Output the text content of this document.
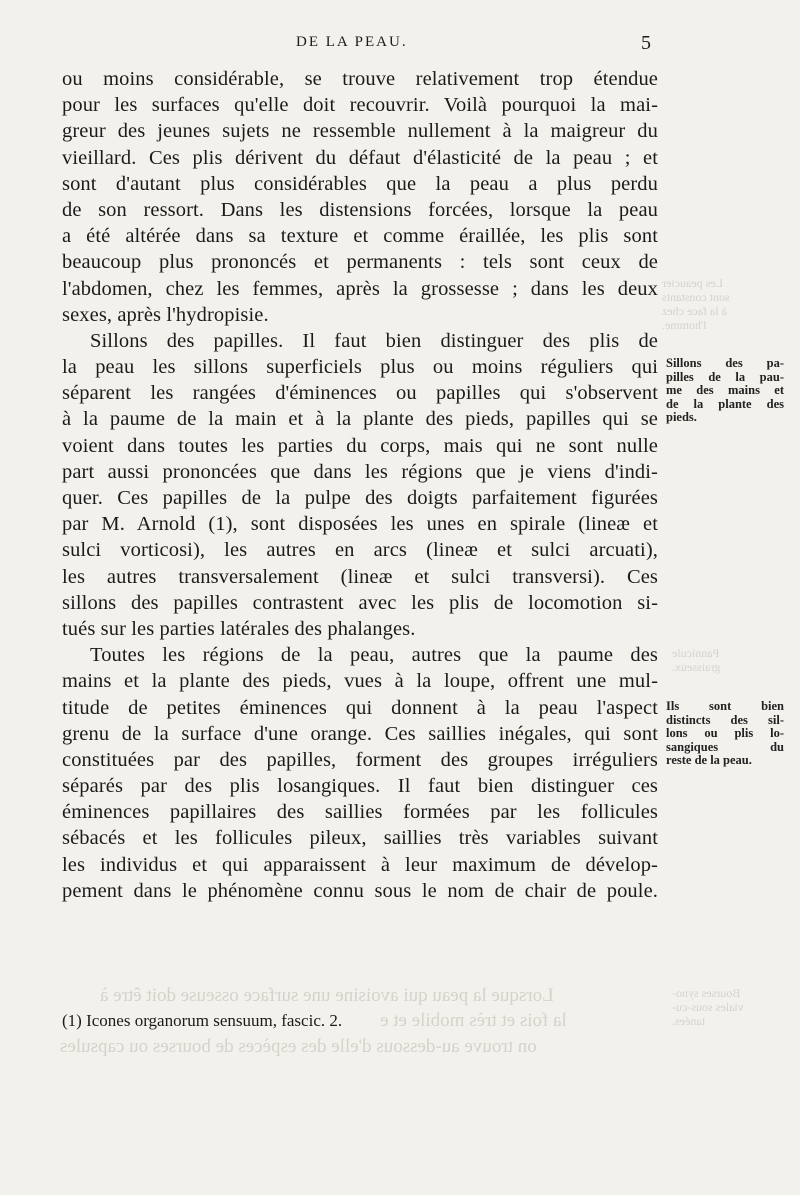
Les peaucier
sont constants
à la face chez
l'homme.
Pannicule
graisseux.
Bourses syno-
viales sous-cu-
tanées.
Lorsque la peau qui avoisine une surface osseuse doit être à
la fois et très mobile et e
on trouve au-dessous d'elle des espèces de bourses ou capsules
DE LA PEAU.	5
ou moins considérable, se trouve relativement trop étendue
pour les surfaces qu'elle doit recouvrir. Voilà pourquoi la mai-
greur des jeunes sujets ne ressemble nullement à la maigreur du
vieillard. Ces plis dérivent du défaut d'élasticité de la peau ; et
sont d'autant plus considérables que la peau a plus perdu
de son ressort. Dans les distensions forcées, lorsque la peau
a été altérée dans sa texture et comme éraillée, les plis sont
beaucoup plus prononcés et permanents : tels sont ceux de
l'abdomen, chez les femmes, après la grossesse ; dans les deux
sexes, après l'hydropisie.
Sillons des papilles. Il faut bien distinguer des plis de
la peau les sillons superficiels plus ou moins réguliers qui
séparent les rangées d'éminences ou papilles qui s'observent
à la paume de la main et à la plante des pieds, papilles qui se
voient dans toutes les parties du corps, mais qui ne sont nulle
part aussi prononcées que dans les régions que je viens d'indi-
quer. Ces papilles de la pulpe des doigts parfaitement figurées
par M. Arnold (1), sont disposées les unes en spirale (lineæ et
sulci vorticosi), les autres en arcs (lineæ et sulci arcuati),
les autres transversalement (lineæ et sulci transversi). Ces
sillons des papilles contrastent avec les plis de locomotion si-
tués sur les parties latérales des phalanges.
Toutes les régions de la peau, autres que la paume des
mains et la plante des pieds, vues à la loupe, offrent une mul-
titude de petites éminences qui donnent à la peau l'aspect
grenu de la surface d'une orange. Ces saillies inégales, qui sont
constituées par des papilles, forment des groupes irréguliers
séparés par des plis losangiques. Il faut bien distinguer ces
éminences papillaires des saillies formées par les follicules
sébacés et les follicules pileux, saillies très variables suivant
les individus et qui apparaissent à leur maximum de dévelop-
pement dans le phénomène connu sous le nom de chair de poule.
Sillons des pa-
pilles de la pau-
me des mains et
de la plante des
pieds.
Ils sont bien
distincts des sil-
lons ou plis lo-
sangiques du
reste de la peau.
(1) Icones organorum sensuum, fascic. 2.
